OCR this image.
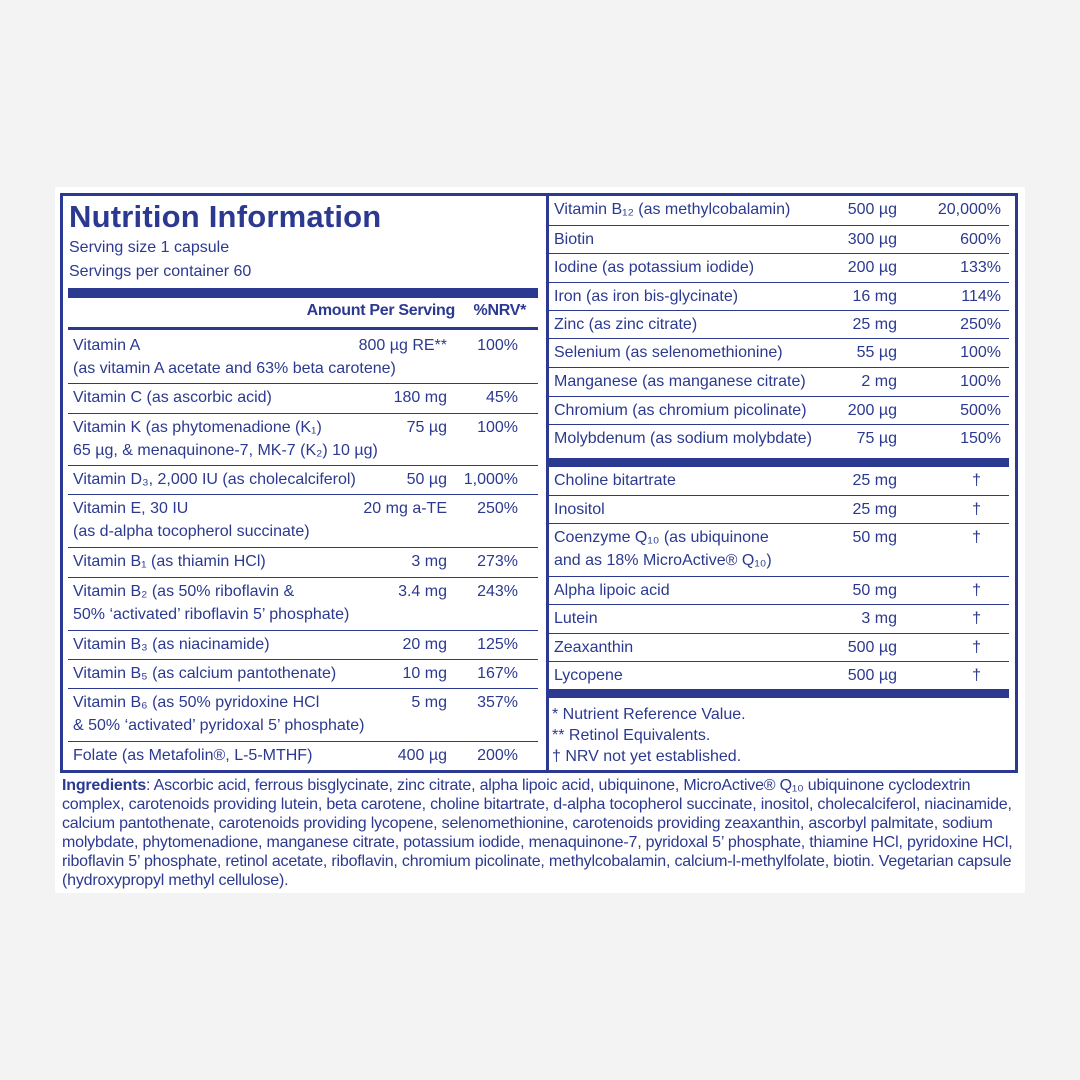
Nutrition Information
Serving size 1 capsule
Servings per container 60
Amount Per Serving %NRV*
Vitamin A
(as vitamin A acetate and 63% beta carotene)
800 µg RE** 100%
Vitamin C (as ascorbic acid)	180 mg 45%
Vitamin K (as phytomenadione (K₁)
65 µg, & menaquinone-7, MK-7 (K₂) 10 µg)
75 µg 100%
Vitamin D₃, 2,000 IU (as cholecalciferol)	50 µg 1,000%
Vitamin E, 30 IU
(as d-alpha tocopherol succinate)
20 mg a-TE 250%
Vitamin B₁ (as thiamin HCl)	3 mg 273%
Vitamin B₂ (as 50% riboflavin &
50% ‘activated’ riboflavin 5’ phosphate)
3.4 mg 243%
Vitamin B₃ (as niacinamide)	20 mg 125%
Vitamin B₅ (as calcium pantothenate)	10 mg 167%
Vitamin B₆ (as 50% pyridoxine HCl
& 50% ‘activated’ pyridoxal 5’ phosphate)
5 mg 357%
Folate (as Metafolin®, L-5-MTHF)	400 µg 200%
Vitamin B₁₂ (as methylcobalamin)	500 µg	20,000%
Biotin	300 µg	600%
Iodine (as potassium iodide)	200 µg	133%
Iron (as iron bis-glycinate)	16 mg	114%
Zinc (as zinc citrate)	25 mg	250%
Selenium (as selenomethionine)	55 µg	100%
Manganese (as manganese citrate)	2 mg	100%
Chromium (as chromium picolinate)	200 µg	500%
Molybdenum (as sodium molybdate)	75 µg	150%
Choline bitartrate	25 mg	†
Inositol	25 mg	†
Coenzyme Q₁₀ (as ubiquinone
and as 18% MicroActive® Q₁₀)
50 mg	†
Alpha lipoic acid	50 mg	†
Lutein	3 mg	†
Zeaxanthin	500 µg	†
Lycopene	500 µg	†
* Nutrient Reference Value.
** Retinol Equivalents.
† NRV not yet established.
Ingredients: Ascorbic acid, ferrous bisglycinate, zinc citrate, alpha lipoic acid, ubiquinone, MicroActive® Q₁₀ ubiquinone cyclodextrin complex, carotenoids providing lutein, beta carotene, choline bitartrate, d-alpha tocopherol succinate, inositol, cholecalciferol, niacinamide, calcium pantothenate, carotenoids providing lycopene, selenomethionine, carotenoids providing zeaxanthin, ascorbyl palmitate, sodium molybdate, phytomenadione, manganese citrate, potassium iodide, menaquinone-7, pyridoxal 5’ phosphate, thiamine HCl, pyridoxine HCl, riboflavin 5’ phosphate, retinol acetate, riboflavin, chromium picolinate, methylcobalamin, calcium-l-methylfolate, biotin. Vegetarian capsule (hydroxypropyl methyl cellulose).
